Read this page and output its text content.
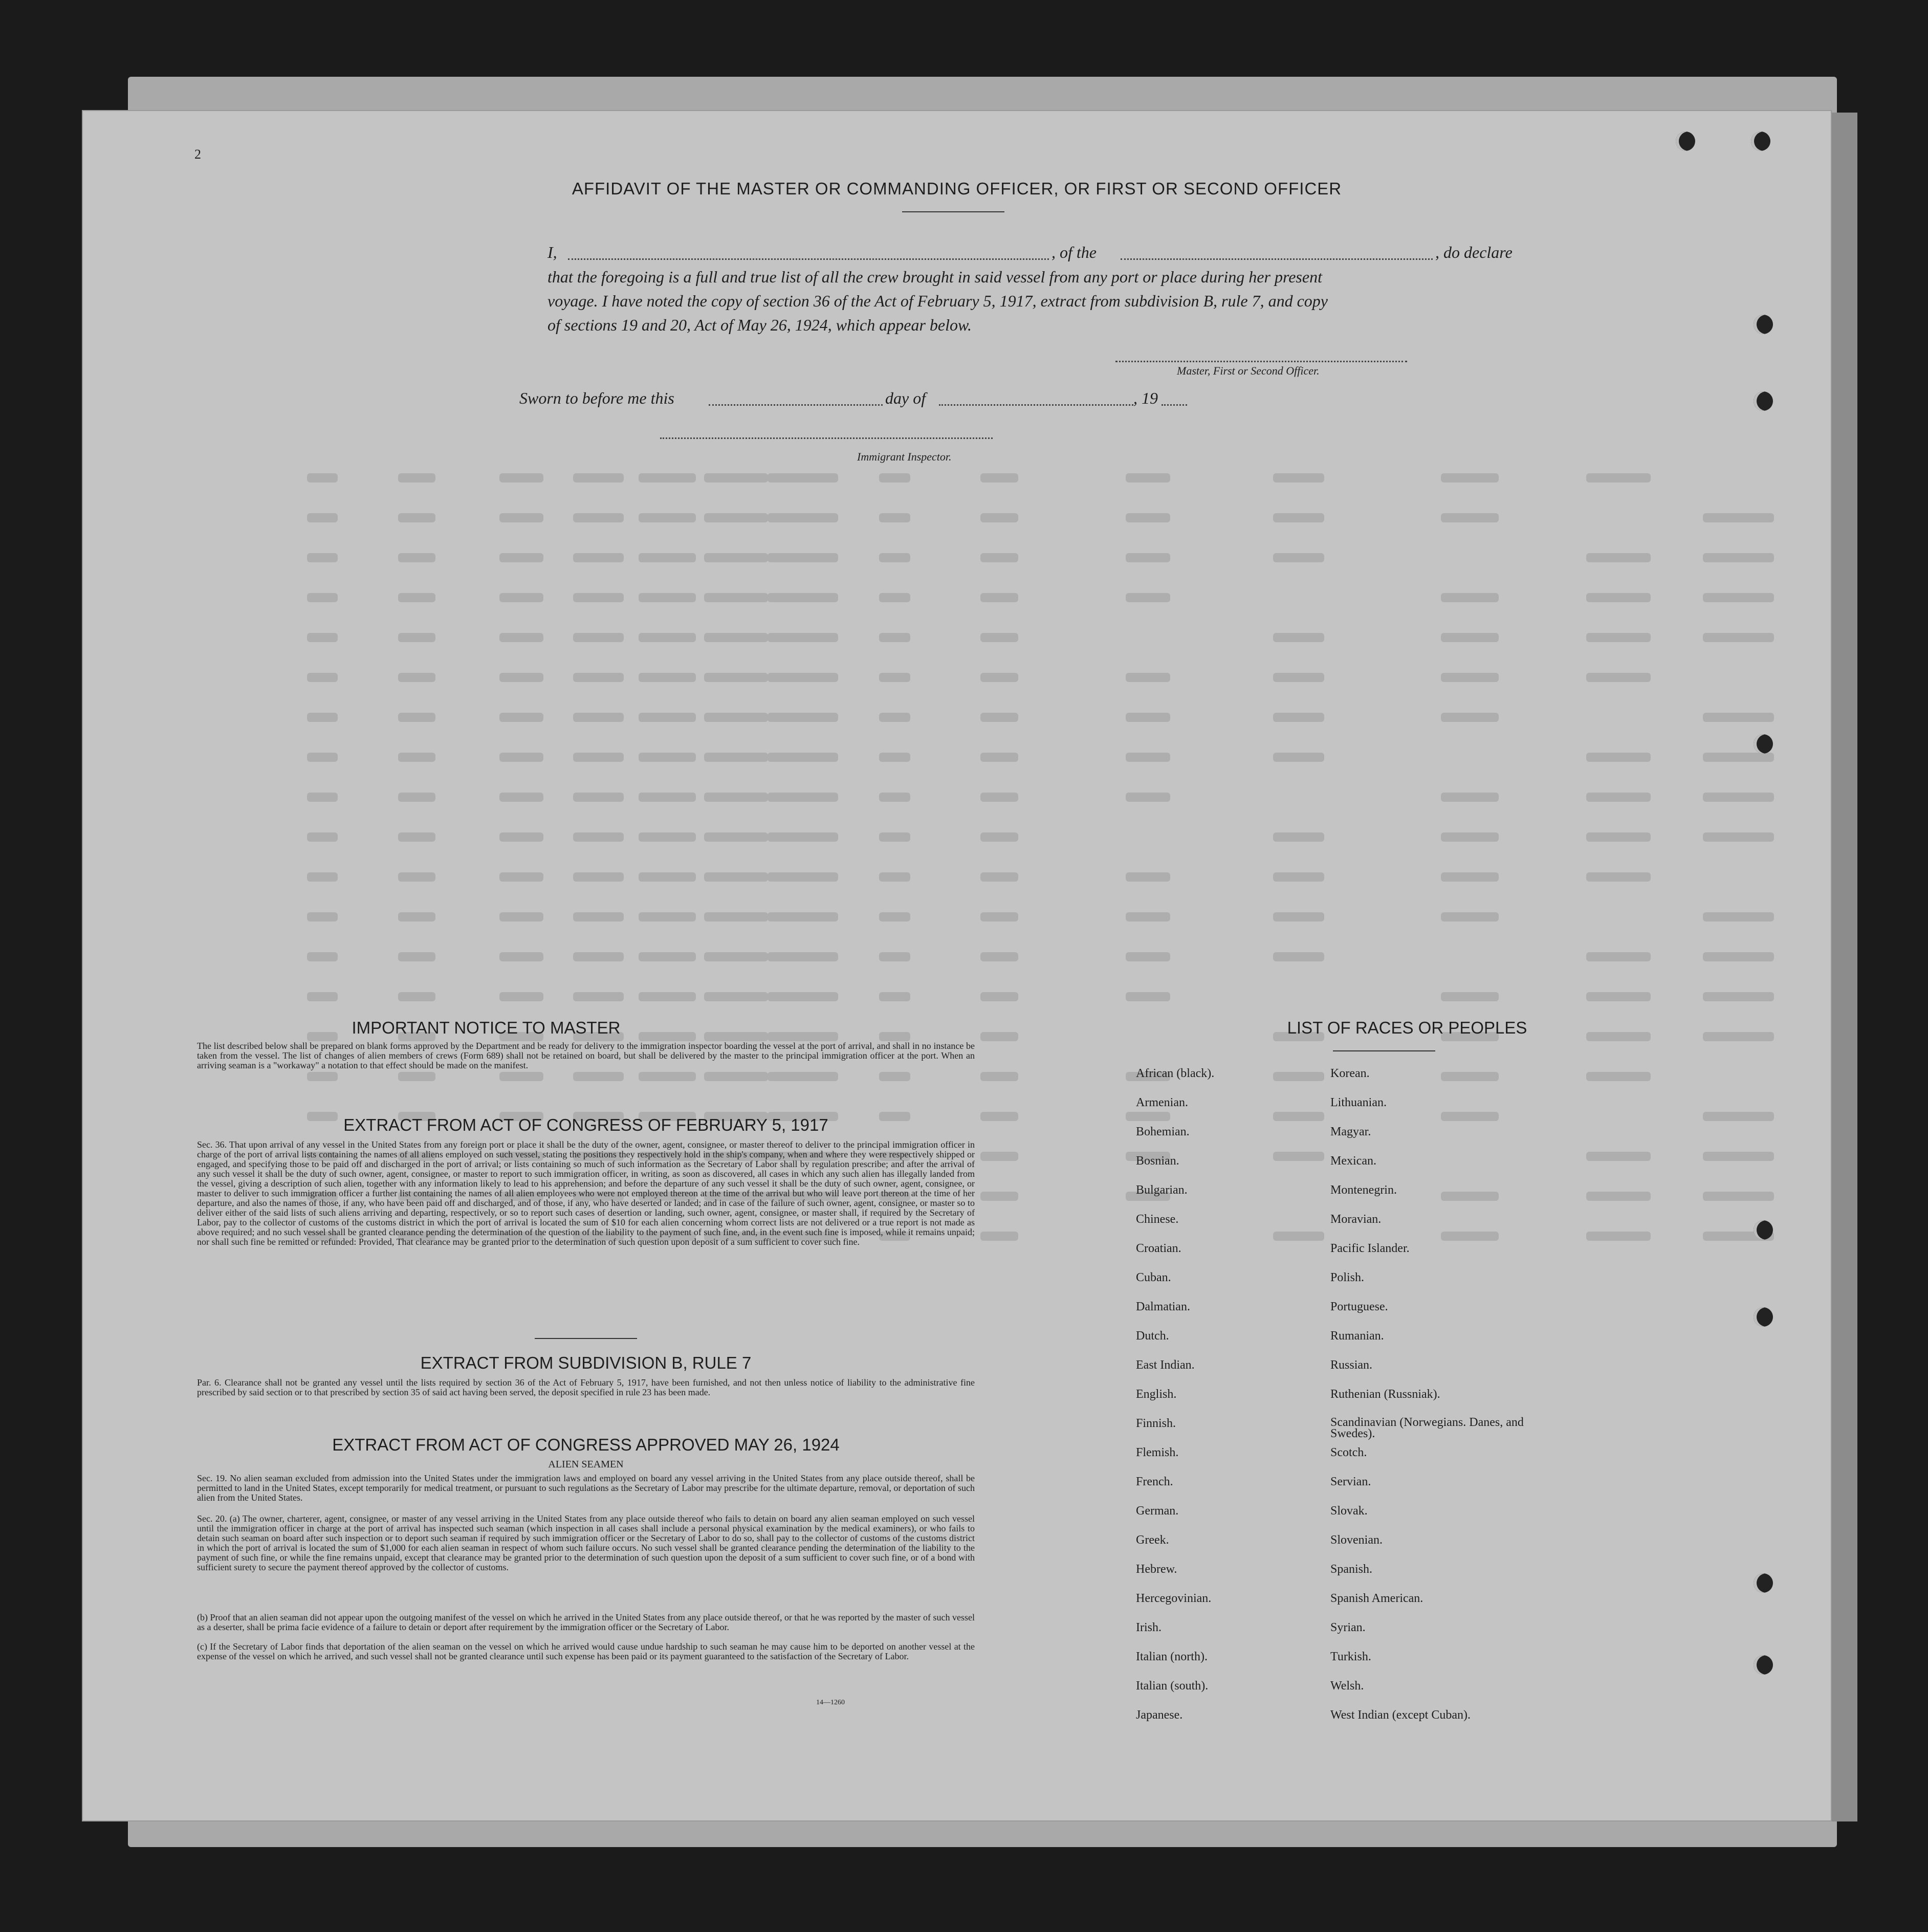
2
AFFIDAVIT OF THE MASTER OR COMMANDING OFFICER, OR FIRST OR SECOND OFFICER
I,	, of the	, do declare
that the foregoing is a full and true list of all the crew brought in said vessel from any port or place during her present
voyage. I have noted the copy of section 36 of the Act of February 5, 1917, extract from subdivision B, rule 7, and copy
of sections 19 and 20, Act of May 26, 1924, which appear below.
Master, First or Second Officer.
Sworn to before me this	day of	, 19
Immigrant Inspector.
IMPORTANT NOTICE TO MASTER
The list described below shall be prepared on blank forms approved by the Department and be ready for delivery to the immigration inspector boarding the vessel at the port of arrival, and shall in no instance be taken from the vessel. The list of changes of alien members of crews (Form 689) shall not be retained on board, but shall be delivered by the master to the principal immigration officer at the port. When an arriving seaman is a "workaway" a notation to that effect should be made on the manifest.
EXTRACT FROM ACT OF CONGRESS OF FEBRUARY 5, 1917
Sec. 36. That upon arrival of any vessel in the United States from any foreign port or place it shall be the duty of the owner, agent, consignee, or master thereof to deliver to the principal immigration officer in charge of the port of arrival lists containing the names of all aliens employed on such vessel, stating the positions they respectively hold in the ship's company, when and where they were respectively shipped or engaged, and specifying those to be paid off and discharged in the port of arrival; or lists containing so much of such information as the Secretary of Labor shall by regulation prescribe; and after the arrival of any such vessel it shall be the duty of such owner, agent, consignee, or master to report to such immigration officer, in writing, as soon as discovered, all cases in which any such alien has illegally landed from the vessel, giving a description of such alien, together with any information likely to lead to his apprehension; and before the departure of any such vessel it shall be the duty of such owner, agent, consignee, or master to deliver to such immigration officer a further list containing the names of all alien employees who were not employed thereon at the time of the arrival but who will leave port thereon at the time of her departure, and also the names of those, if any, who have been paid off and discharged, and of those, if any, who have deserted or landed; and in case of the failure of such owner, agent, consignee, or master so to deliver either of the said lists of such aliens arriving and departing, respectively, or so to report such cases of desertion or landing, such owner, agent, consignee, or master shall, if required by the Secretary of Labor, pay to the collector of customs of the customs district in which the port of arrival is located the sum of $10 for each alien concerning whom correct lists are not delivered or a true report is not made as above required; and no such vessel shall be granted clearance pending the determination of the question of the liability to the payment of such fine, and, in the event such fine is imposed, while it remains unpaid; nor shall such fine be remitted or refunded: Provided, That clearance may be granted prior to the determination of such question upon deposit of a sum sufficient to cover such fine.
EXTRACT FROM SUBDIVISION B, RULE 7
Par. 6. Clearance shall not be granted any vessel until the lists required by section 36 of the Act of February 5, 1917, have been furnished, and not then unless notice of liability to the administrative fine prescribed by said section or to that prescribed by section 35 of said act having been served, the deposit specified in rule 23 has been made.
EXTRACT FROM ACT OF CONGRESS APPROVED MAY 26, 1924
ALIEN SEAMEN
Sec. 19. No alien seaman excluded from admission into the United States under the immigration laws and employed on board any vessel arriving in the United States from any place outside thereof, shall be permitted to land in the United States, except temporarily for medical treatment, or pursuant to such regulations as the Secretary of Labor may prescribe for the ultimate departure, removal, or deportation of such alien from the United States.
Sec. 20. (a) The owner, charterer, agent, consignee, or master of any vessel arriving in the United States from any place outside thereof who fails to detain on board any alien seaman employed on such vessel until the immigration officer in charge at the port of arrival has inspected such seaman (which inspection in all cases shall include a personal physical examination by the medical examiners), or who fails to detain such seaman on board after such inspection or to deport such seaman if required by such immigration officer or the Secretary of Labor to do so, shall pay to the collector of customs of the customs district in which the port of arrival is located the sum of $1,000 for each alien seaman in respect of whom such failure occurs. No such vessel shall be granted clearance pending the determination of the liability to the payment of such fine, or while the fine remains unpaid, except that clearance may be granted prior to the determination of such question upon the deposit of a sum sufficient to cover such fine, or of a bond with sufficient surety to secure the payment thereof approved by the collector of customs.
(b) Proof that an alien seaman did not appear upon the outgoing manifest of the vessel on which he arrived in the United States from any place outside thereof, or that he was reported by the master of such vessel as a deserter, shall be prima facie evidence of a failure to detain or deport after requirement by the immigration officer or the Secretary of Labor.
(c) If the Secretary of Labor finds that deportation of the alien seaman on the vessel on which he arrived would cause undue hardship to such seaman he may cause him to be deported on another vessel at the expense of the vessel on which he arrived, and such vessel shall not be granted clearance until such expense has been paid or its payment guaranteed to the satisfaction of the Secretary of Labor.
14—1260
LIST OF RACES OR PEOPLES
African (black).
Armenian.
Bohemian.
Bosnian.
Bulgarian.
Chinese.
Croatian.
Cuban.
Dalmatian.
Dutch.
East Indian.
English.
Finnish.
Flemish.
French.
German.
Greek.
Hebrew.
Hercegovinian.
Irish.
Italian (north).
Italian (south).
Japanese.
Korean.
Lithuanian.
Magyar.
Mexican.
Montenegrin.
Moravian.
Pacific Islander.
Polish.
Portuguese.
Rumanian.
Russian.
Ruthenian (Russniak).
Scandinavian (Norwegians. Danes, and Swedes).
Scotch.
Servian.
Slovak.
Slovenian.
Spanish.
Spanish American.
Syrian.
Turkish.
Welsh.
West Indian (except Cuban).
